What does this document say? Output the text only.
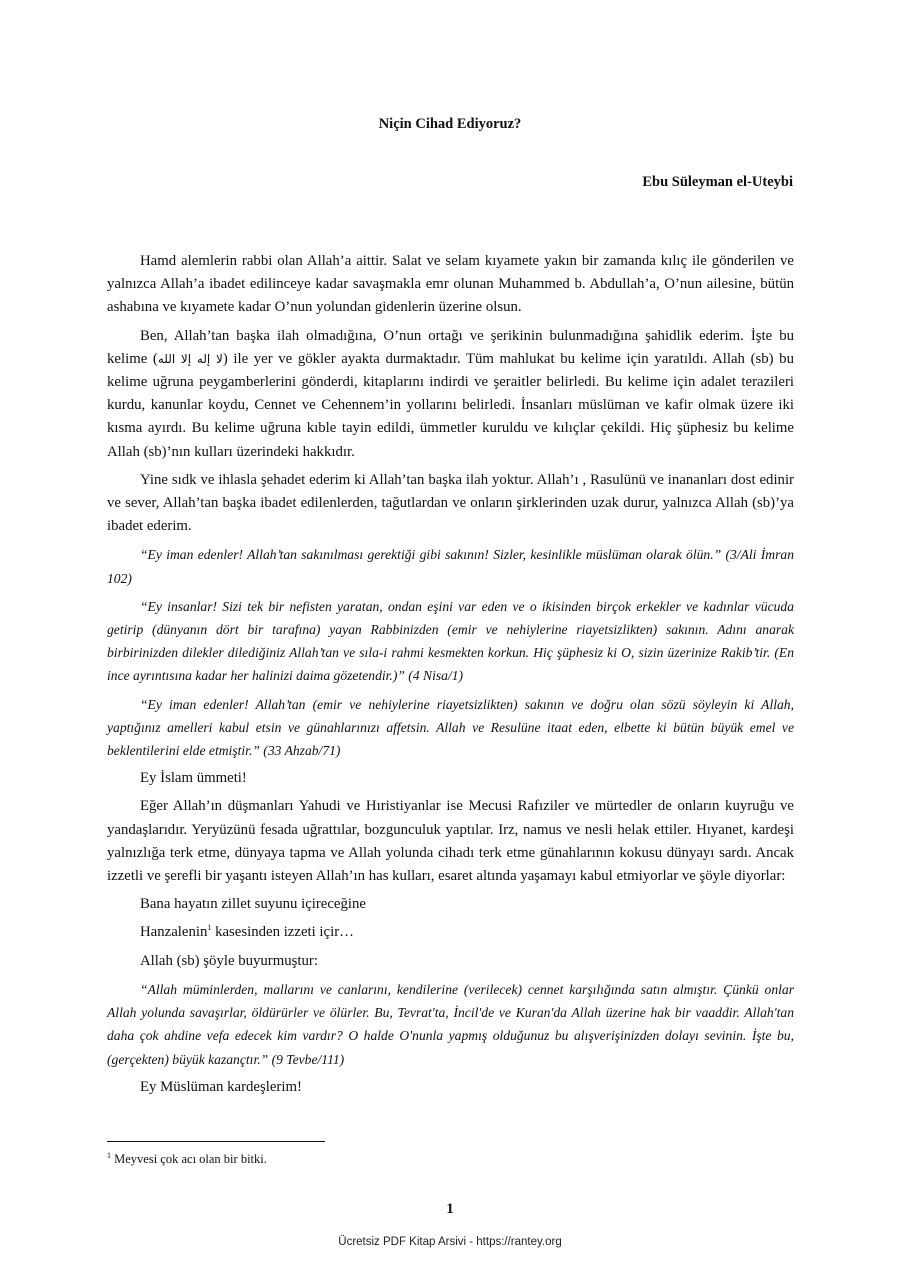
Niçin Cihad Ediyoruz?
Ebu Süleyman el-Uteybi

Hamd alemlerin rabbi olan Allah’a aittir. Salat ve selam kıyamete yakın bir zamanda kılıç ile gönderilen ve yalnızca Allah’a ibadet edilinceye kadar savaşmakla emr olunan Muhammed b. Abdullah’a, O’nun ailesine, bütün ashabına ve kıyamete kadar O’nun yolundan gidenlerin üzerine olsun.

Ben, Allah’tan başka ilah olmadığına, O’nun ortağı ve şerikinin bulunmadığına şahidlik ederim. İşte bu kelime (لا إله إلا الله) ile yer ve gökler ayakta durmaktadır. Tüm mahlukat bu kelime için yaratıldı. Allah (sb) bu kelime uğruna peygamberlerini gönderdi, kitaplarını indirdi ve şeraitler belirledi. Bu kelime için adalet terazileri kurdu, kanunlar koydu, Cennet ve Cehennem’in yollarını belirledi. İnsanları müslüman ve kafir olmak üzere iki kısma ayırdı. Bu kelime uğruna kıble tayin edildi, ümmetler kuruldu ve kılıçlar çekildi. Hiç şüphesiz bu kelime Allah (sb)’nın kulları üzerindeki hakkıdır.

Yine sıdk ve ihlasla şehadet ederim ki Allah’tan başka ilah yoktur. Allah’ı , Rasulünü ve inananları dost edinir ve sever, Allah’tan başka ibadet edilenlerden, tağutlardan ve onların şirklerinden uzak durur, yalnızca Allah (sb)’ya ibadet ederim.

“Ey iman edenler! Allah’tan sakınılması gerektiği gibi sakının! Sizler, kesinlikle müslüman olarak ölün.” (3/Ali İmran 102)

“Ey insanlar! Sizi tek bir nefisten yaratan, ondan eşini var eden ve o ikisinden birçok erkekler ve kadınlar vücuda getirip (dünyanın dört bir tarafına) yayan Rabbinizden (emir ve nehiylerine riayetsizlikten) sakının. Adını anarak birbirinizden dilekler dilediğiniz Allah’tan ve sıla-i rahmi kesmekten korkun. Hiç şüphesiz ki O, sizin üzerinize Rakib’tir. (En ince ayrıntısına kadar her halinizi daima gözetendir.)” (4 Nisa/1)

“Ey iman edenler! Allah’tan (emir ve nehiylerine riayetsizlikten) sakının ve doğru olan sözü söyleyin ki Allah, yaptığınız amelleri kabul etsin ve günahlarınızı affetsin. Allah ve Resulüne itaat eden, elbette ki bütün büyük emel ve beklentilerini elde etmiştir.” (33 Ahzab/71)

Ey İslam ümmeti!

Eğer Allah’ın düşmanları Yahudi ve Hıristiyanlar ise Mecusi Rafıziler ve mürtedler de onların kuyruğu ve yandaşlarıdır. Yeryüzünü fesada uğrattılar, bozgunculuk yaptılar. Irz, namus ve nesli helak ettiler. Hıyanet, kardeşi yalnızlığa terk etme, dünyaya tapma ve Allah yolunda cihadı terk etme günahlarının kokusu dünyayı sardı. Ancak izzetli ve şerefli bir yaşantı isteyen Allah’ın has kulları, esaret altında yaşamayı kabul etmiyorlar ve şöyle diyorlar:

Bana hayatın zillet suyunu içireceğine

Hanzalenin$^1$ kasesinden izzeti içir…

Allah (sb) şöyle buyurmuştur:

“Allah müminlerden, mallarını ve canlarını, kendilerine (verilecek) cennet karşılığında satın almıştır. Çünkü onlar Allah yolunda savaşırlar, öldürürler ve ölürler. Bu, Tevrat'ta, İncil'de ve Kuran'da Allah üzerine hak bir vaaddir. Allah'tan daha çok ahdine vefa edecek kim vardır? O halde O'nunla yapmış olduğunuz bu alışverişinizden dolayı sevinin. İşte bu, (gerçekten) büyük kazançtır.” (9 Tevbe/111)

Ey Müslüman kardeşlerim!

$^1$ Meyvesi çok acı olan bir bitki.
1
Ücretsiz PDF Kitap Arsivi - https://rantey.org
